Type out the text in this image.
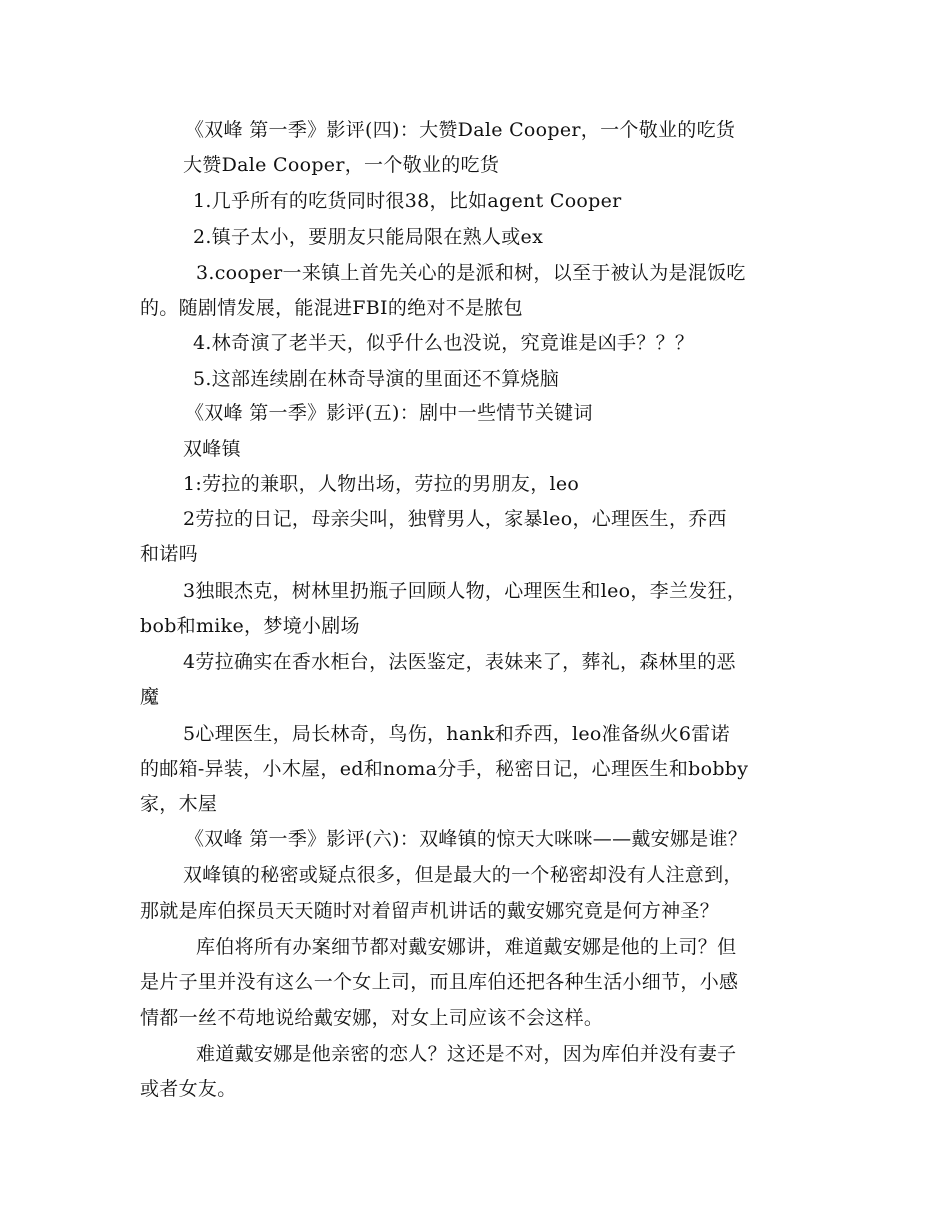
《双峰 第一季》影评(四)：大赞Dale Cooper，一个敬业的吃货
大赞Dale Cooper，一个敬业的吃货
1.几乎所有的吃货同时很38，比如agent Cooper
2.镇子太小，要朋友只能局限在熟人或ex
3.cooper一来镇上首先关心的是派和树，以至于被认为是混饭吃
的。随剧情发展，能混进FBI的绝对不是脓包
4.林奇演了老半天，似乎什么也没说，究竟谁是凶手？？？
5.这部连续剧在林奇导演的里面还不算烧脑
《双峰 第一季》影评(五)：剧中一些情节关键词
双峰镇
1:劳拉的兼职，人物出场，劳拉的男朋友，leo
2劳拉的日记，母亲尖叫，独臂男人，家暴leo，心理医生，乔西
和诺吗
3独眼杰克，树林里扔瓶子回顾人物，心理医生和leo，李兰发狂，
bob和mike，梦境小剧场
4劳拉确实在香水柜台，法医鉴定，表妹来了，葬礼，森林里的恶
魔
5心理医生，局长林奇，鸟伤，hank和乔西，leo准备纵火6雷诺
的邮箱-异装，小木屋，ed和noma分手，秘密日记，心理医生和bobby
家，木屋
《双峰 第一季》影评(六)：双峰镇的惊天大咪咪——戴安娜是谁？
双峰镇的秘密或疑点很多，但是最大的一个秘密却没有人注意到，
那就是库伯探员天天随时对着留声机讲话的戴安娜究竟是何方神圣？
库伯将所有办案细节都对戴安娜讲，难道戴安娜是他的上司？但
是片子里并没有这么一个女上司，而且库伯还把各种生活小细节，小感
情都一丝不苟地说给戴安娜，对女上司应该不会这样。
难道戴安娜是他亲密的恋人？这还是不对，因为库伯并没有妻子
或者女友。
